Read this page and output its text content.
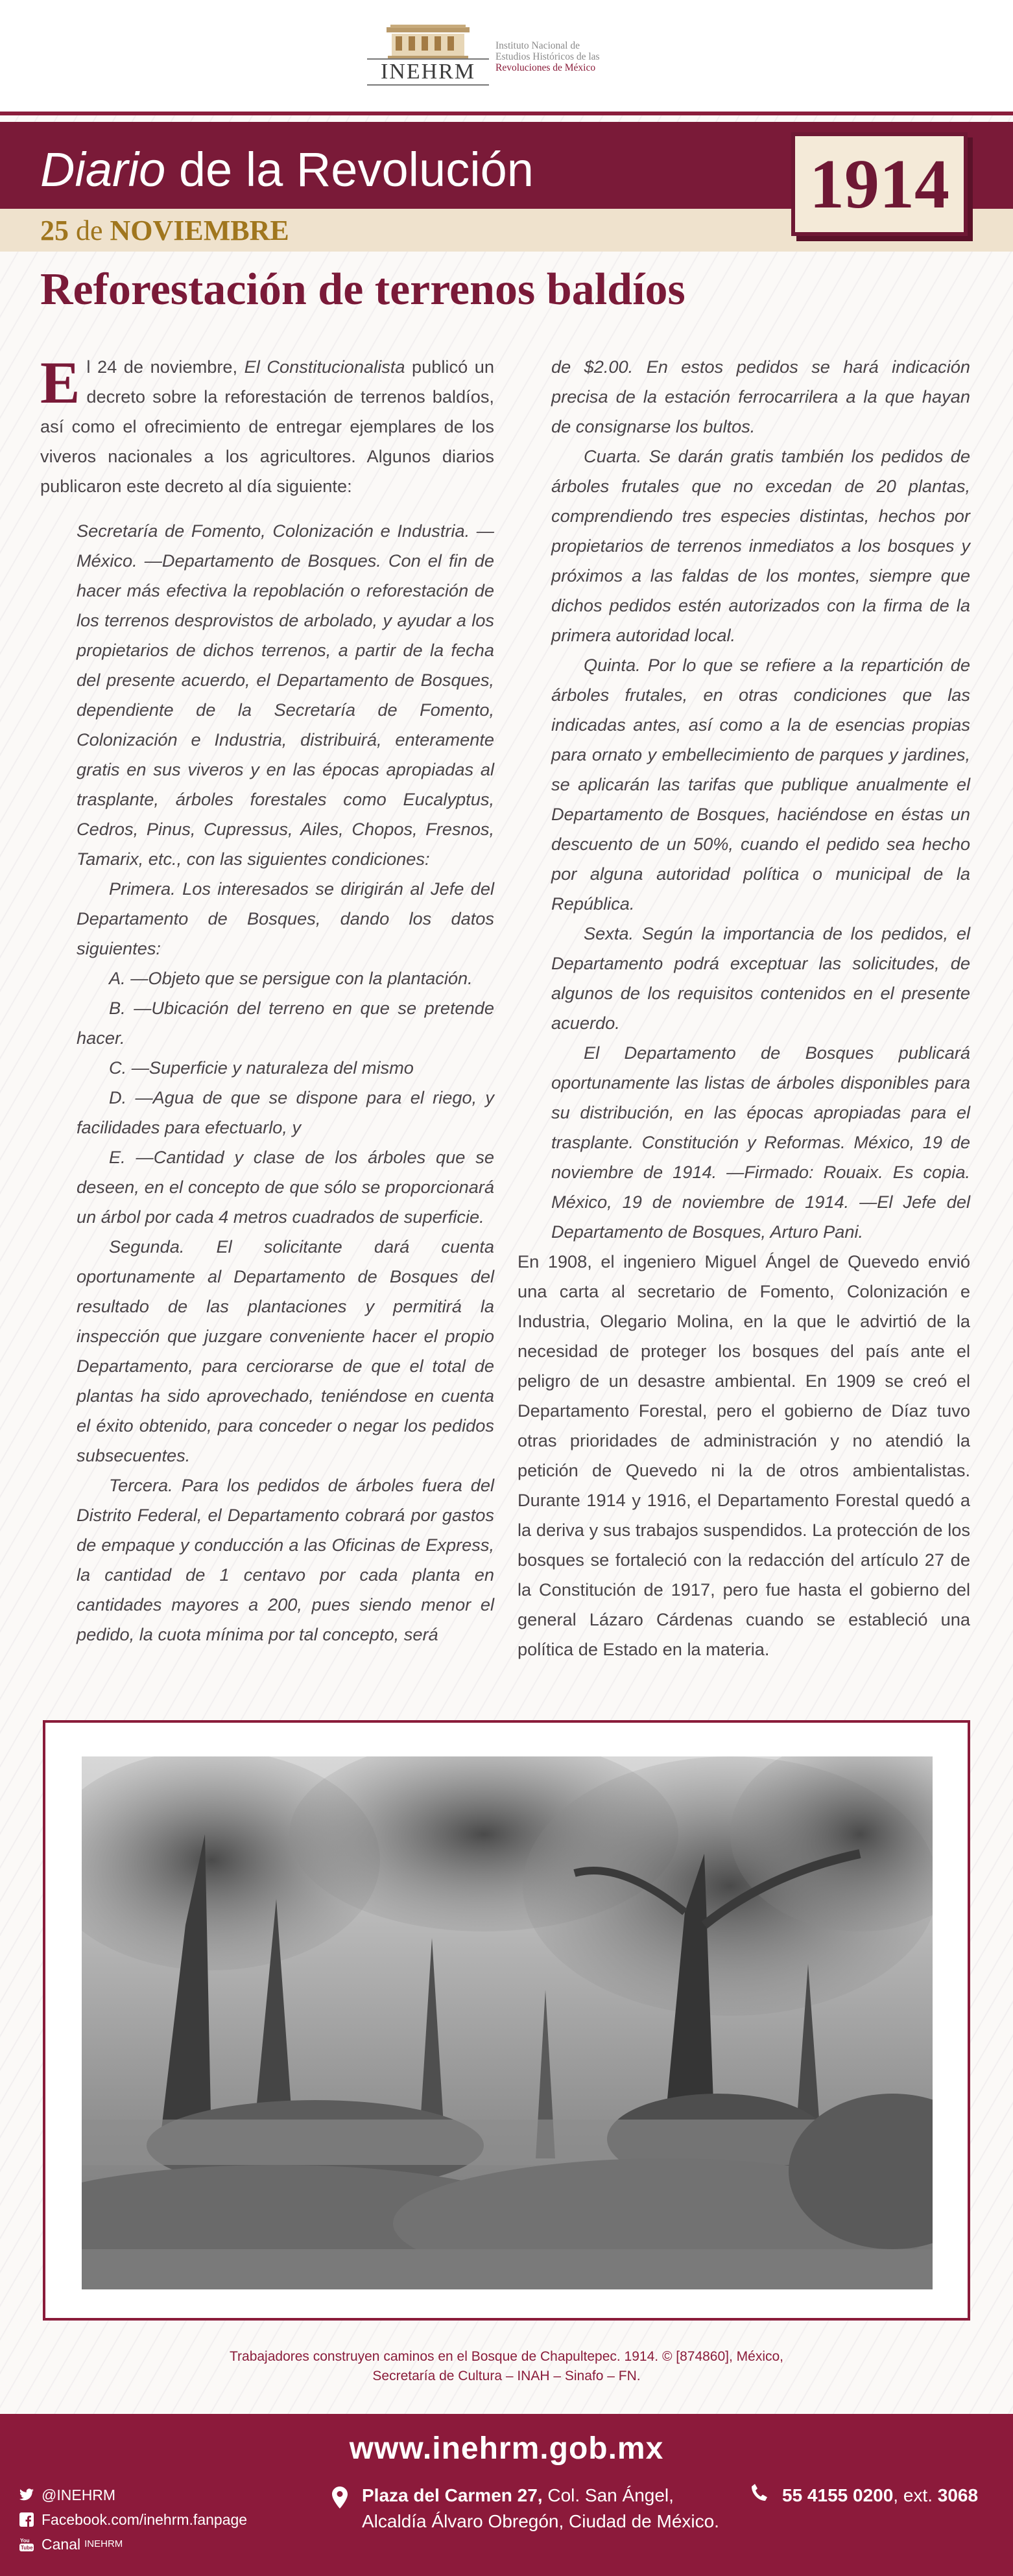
INEHRM
Instituto Nacional de
Estudios Históricos de las
Revoluciones de México
Diario de la Revolución
25 de NOVIEMBRE
1914
Reforestación de terrenos baldíos

El 24 de noviembre, El Constitucionalista publicó un decreto sobre la reforestación de terrenos baldíos, así como el ofrecimiento de entregar ejemplares de los viveros nacionales a los agricultores. Algunos diarios publicaron este decreto al día siguiente:

Secretaría de Fomento, Colonización e Industria. —México. —Departamento de Bosques. Con el fin de hacer más efectiva la repoblación o reforestación de los terrenos desprovistos de arbolado, y ayudar a los propietarios de dichos terrenos, a partir de la fecha del presente acuerdo, el Departamento de Bosques, dependiente de la Secretaría de Fomento, Colonización e Industria, distribuirá, enteramente gratis en sus viveros y en las épocas apropiadas al trasplante, árboles forestales como Eucalyptus, Cedros, Pinus, Cupressus, Ailes, Chopos, Fresnos, Tamarix, etc., con las siguientes condiciones:

Primera. Los interesados se dirigirán al Jefe del Departamento de Bosques, dando los datos siguientes:

A. —Objeto que se persigue con la plantación.

B. —Ubicación del terreno en que se pretende hacer.

C. —Superficie y naturaleza del mismo

D. —Agua de que se dispone para el riego, y facilidades para efectuarlo, y

E. —Cantidad y clase de los árboles que se deseen, en el concepto de que sólo se proporcionará un árbol por cada 4 metros cuadrados de superficie.

Segunda. El solicitante dará cuenta oportunamente al Departamento de Bosques del resultado de las plantaciones y permitirá la inspección que juzgare conveniente hacer el propio Departamento, para cerciorarse de que el total de plantas ha sido aprovechado, teniéndose en cuenta el éxito obtenido, para conceder o negar los pedidos subsecuentes.

Tercera. Para los pedidos de árboles fuera del Distrito Federal, el Departamento cobrará por gastos de empaque y conducción a las Oficinas de Express, la cantidad de 1 centavo por cada planta en cantidades mayores a 200, pues siendo menor el pedido, la cuota mínima por tal concepto, será

de $2.00. En estos pedidos se hará indicación precisa de la estación ferrocarrilera a la que hayan de consignarse los bultos.

Cuarta. Se darán gratis también los pedidos de árboles frutales que no excedan de 20 plantas, comprendiendo tres especies distintas, hechos por propietarios de terrenos inmediatos a los bosques y próximos a las faldas de los montes, siempre que dichos pedidos estén autorizados con la firma de la primera autoridad local.

Quinta. Por lo que se refiere a la repartición de árboles frutales, en otras condiciones que las indicadas antes, así como a la de esencias propias para ornato y embellecimiento de parques y jardines, se aplicarán las tarifas que publique anualmente el Departamento de Bosques, haciéndose en éstas un descuento de un 50%, cuando el pedido sea hecho por alguna autoridad política o municipal de la República.

Sexta. Según la importancia de los pedidos, el Departamento podrá exceptuar las solicitudes, de algunos de los requisitos contenidos en el presente acuerdo.

El Departamento de Bosques publicará oportunamente las listas de árboles disponibles para su distribución, en las épocas apropiadas para el trasplante. Constitución y Reformas. México, 19 de noviembre de 1914. —Firmado: Rouaix. Es copia. México, 19 de noviembre de 1914. —El Jefe del Departamento de Bosques, Arturo Pani.

En 1908, el ingeniero Miguel Ángel de Quevedo envió una carta al secretario de Fomento, Colonización e Industria, Olegario Molina, en la que le advirtió de la necesidad de proteger los bosques del país ante el peligro de un desastre ambiental. En 1909 se creó el Departamento Forestal, pero el gobierno de Díaz tuvo otras prioridades de administración y no atendió la petición de Quevedo ni la de otros ambientalistas. Durante 1914 y 1916, el Departamento Forestal quedó a la deriva y sus trabajos suspendidos. La protección de los bosques se fortaleció con la redacción del artículo 27 de la Constitución de 1917, pero fue hasta el gobierno del general Lázaro Cárdenas cuando se estableció una política de Estado en la materia.

Trabajadores construyen caminos en el Bosque de Chapultepec. 1914. © [874860], México,
Secretaría de Cultura – INAH – Sinafo – FN.
www.inehrm.gob.mx
@INEHRM
Facebook.com/inehrm.fanpage
You
Tube Canal INEHRM
Plaza del Carmen 27, Col. San Ángel,
Alcaldía Álvaro Obregón, Ciudad de México.
55 4155 0200, ext. 3068
